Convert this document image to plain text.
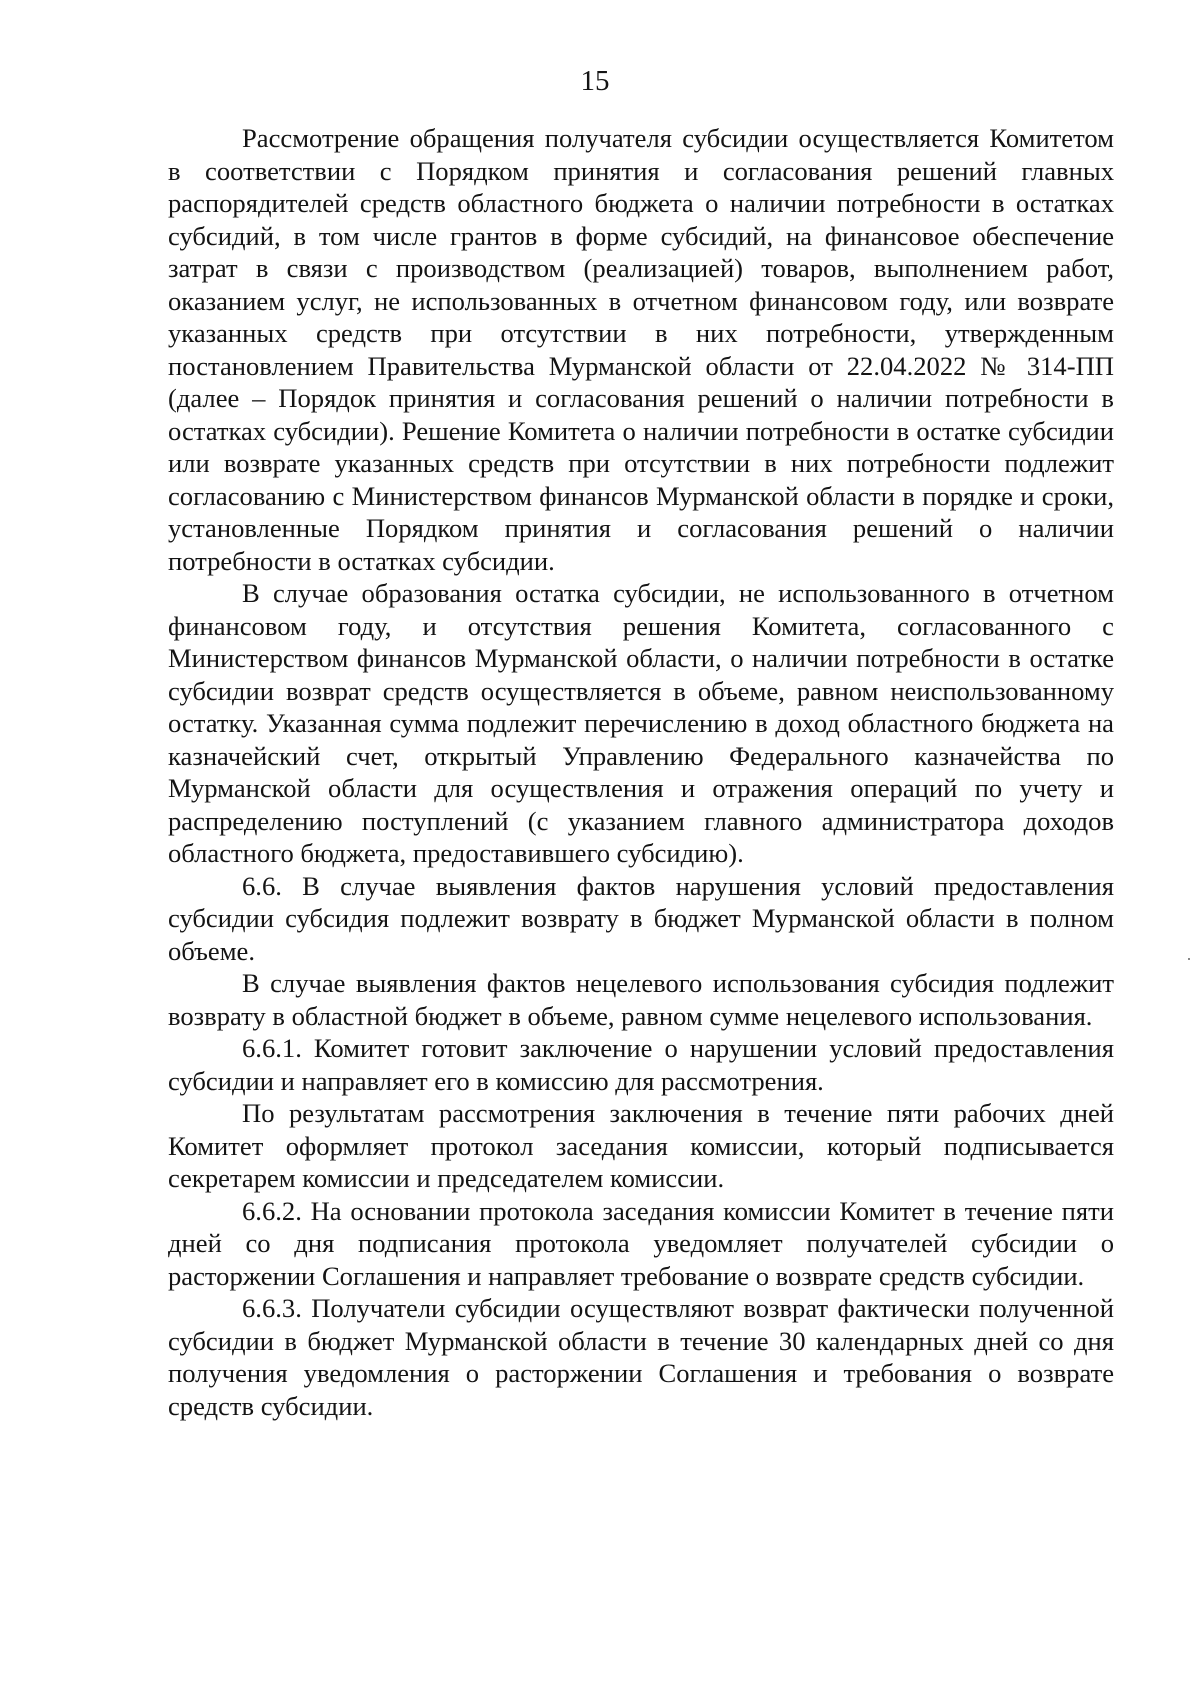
15

Рассмотрение обращения получателя субсидии осуществляется Комитетом в соответствии с Порядком принятия и согласования решений главных распорядителей средств областного бюджета о наличии потребности в остатках субсидий, в том числе грантов в форме субсидий, на финансовое обеспечение затрат в связи с производством (реализацией) товаров, выполнением работ, оказанием услуг, не использованных в отчетном финансовом году, или возврате указанных средств при отсутствии в них потребности, утвержденным постановлением Правительства Мурманской области от 22.04.2022 № 314-ПП (далее – Порядок принятия и согласования решений о наличии потребности в остатках субсидии). Решение Комитета о наличии потребности в остатке субсидии или возврате указанных средств при отсутствии в них потребности подлежит согласованию с Министерством финансов Мурманской области в порядке и сроки, установленные Порядком принятия и согласования решений о наличии потребности в остатках субсидии.

В случае образования остатка субсидии, не использованного в отчетном финансовом году, и отсутствия решения Комитета, согласованного с Министерством финансов Мурманской области, о наличии потребности в остатке субсидии возврат средств осуществляется в объеме, равном неиспользованному остатку. Указанная сумма подлежит перечислению в доход областного бюджета на казначейский счет, открытый Управлению Федерального казначейства по Мурманской области для осуществления и отражения операций по учету и распределению поступлений (с указанием главного администратора доходов областного бюджета, предоставившего субсидию).

6.6. В случае выявления фактов нарушения условий предоставления субсидии субсидия подлежит возврату в бюджет Мурманской области в полном объеме.

В случае выявления фактов нецелевого использования субсидия подлежит возврату в областной бюджет в объеме, равном сумме нецелевого использования.

6.6.1. Комитет готовит заключение о нарушении условий предоставления субсидии и направляет его в комиссию для рассмотрения.

По результатам рассмотрения заключения в течение пяти рабочих дней Комитет оформляет протокол заседания комиссии, который подписывается секретарем комиссии и председателем комиссии.

6.6.2. На основании протокола заседания комиссии Комитет в течение пяти дней со дня подписания протокола уведомляет получателей субсидии о расторжении Соглашения и направляет требование о возврате средств субсидии.

6.6.3. Получатели субсидии осуществляют возврат фактически полученной субсидии в бюджет Мурманской области в течение 30 календарных дней со дня получения уведомления о расторжении Соглашения и требования о возврате средств субсидии.
